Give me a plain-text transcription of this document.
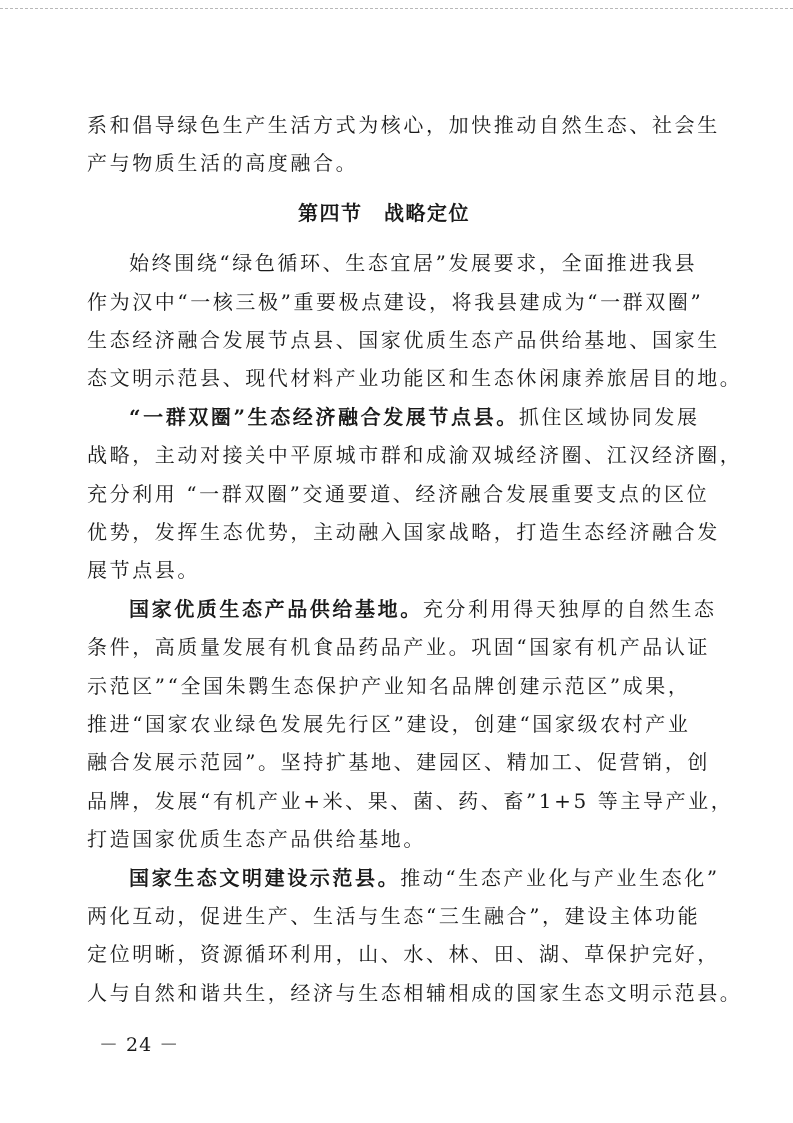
系和倡导绿色生产生活方式为核心，加快推动自然生态、社会生
产与物质生活的高度融合。
第四节　战略定位
始终围绕“绿色循环、生态宜居”发展要求，全面推进我县
作为汉中“一核三极”重要极点建设，将我县建成为“一群双圈”
生态经济融合发展节点县、国家优质生态产品供给基地、国家生
态文明示范县、现代材料产业功能区和生态休闲康养旅居目的地。
“一群双圈”生态经济融合发展节点县。抓住区域协同发展
战略，主动对接关中平原城市群和成渝双城经济圈、江汉经济圈，
充分利用 “一群双圈”交通要道、经济融合发展重要支点的区位
优势，发挥生态优势，主动融入国家战略，打造生态经济融合发
展节点县。
国家优质生态产品供给基地。充分利用得天独厚的自然生态
条件，高质量发展有机食品药品产业。巩固“国家有机产品认证
示范区”“全国朱鹮生态保护产业知名品牌创建示范区”成果，
推进“国家农业绿色发展先行区”建设，创建“国家级农村产业
融合发展示范园”。坚持扩基地、建园区、精加工、促营销，创
品牌，发展“有机产业+米、果、菌、药、畜”1+5 等主导产业，
打造国家优质生态产品供给基地。
国家生态文明建设示范县。推动“生态产业化与产业生态化”
两化互动，促进生产、生活与生态“三生融合”，建设主体功能
定位明晰，资源循环利用，山、水、林、田、湖、草保护完好，
人与自然和谐共生，经济与生态相辅相成的国家生态文明示范县。
－ 24 －
